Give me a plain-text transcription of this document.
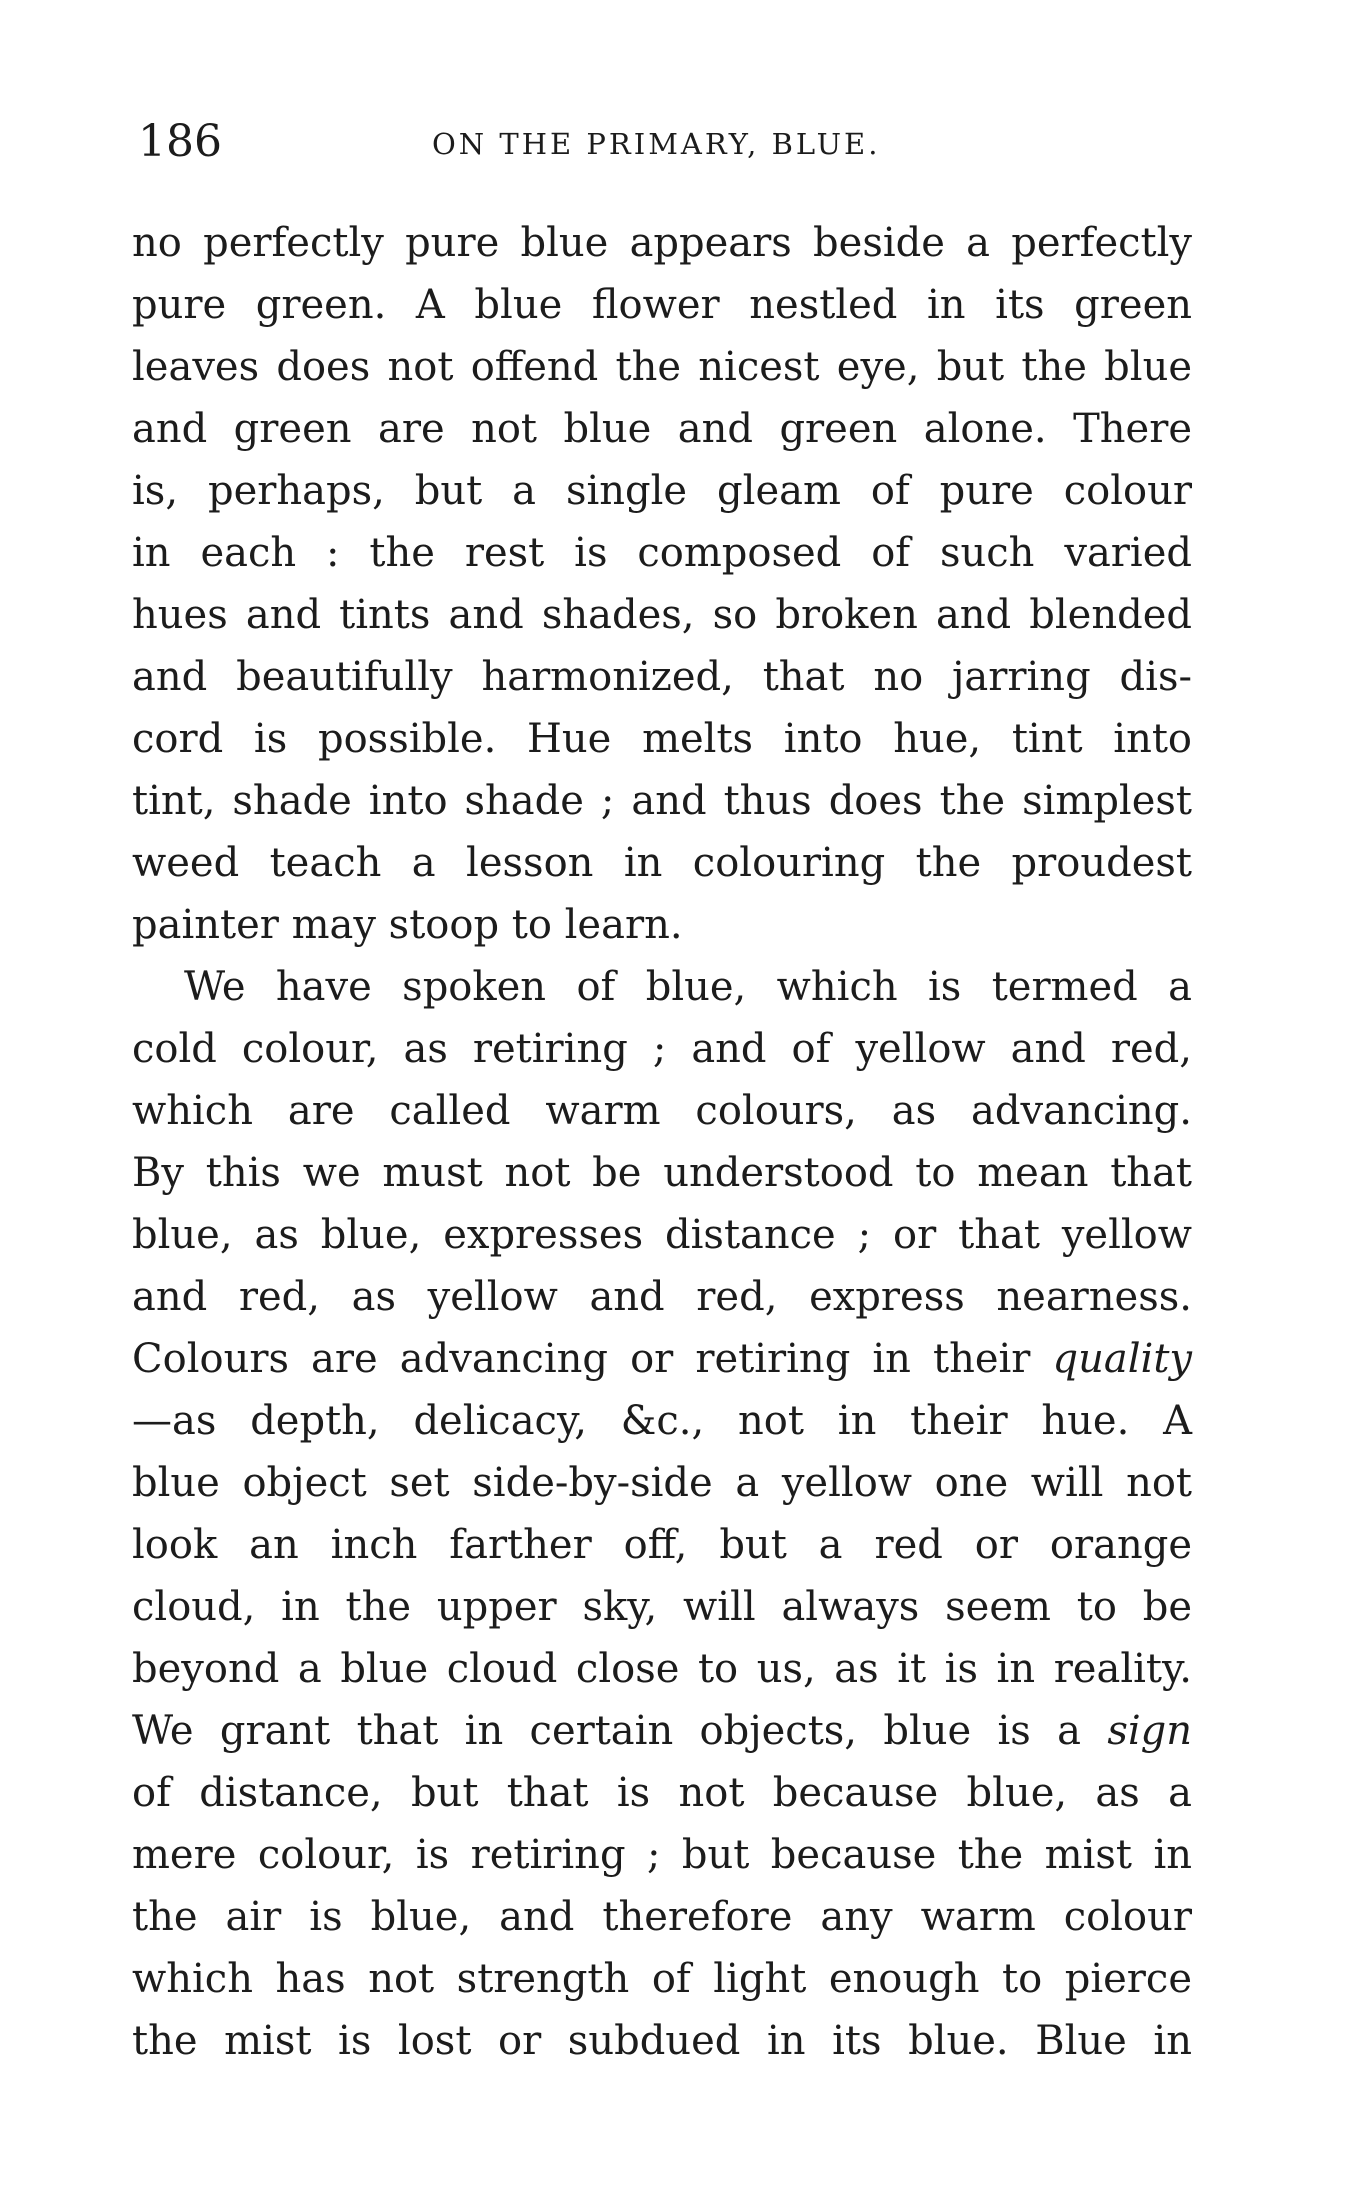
186	ON THE PRIMARY, BLUE.
no perfectly pure blue appears beside a perfectly
pure green. A blue flower nestled in its green
leaves does not offend the nicest eye, but the blue
and green are not blue and green alone. There
is, perhaps, but a single gleam of pure colour
in each : the rest is composed of such varied
hues and tints and shades, so broken and blended
and beautifully harmonized, that no jarring dis-
cord is possible. Hue melts into hue, tint into
tint, shade into shade ; and thus does the simplest
weed teach a lesson in colouring the proudest
painter may stoop to learn.
We have spoken of blue, which is termed a
cold colour, as retiring ; and of yellow and red,
which are called warm colours, as advancing.
By this we must not be understood to mean that
blue, as blue, expresses distance ; or that yellow
and red, as yellow and red, express nearness.
Colours are advancing or retiring in their quality
—as depth, delicacy, &c., not in their hue. A
blue object set side-by-side a yellow one will not
look an inch farther off, but a red or orange
cloud, in the upper sky, will always seem to be
beyond a blue cloud close to us, as it is in reality.
We grant that in certain objects, blue is a sign
of distance, but that is not because blue, as a
mere colour, is retiring ; but because the mist in
the air is blue, and therefore any warm colour
which has not strength of light enough to pierce
the mist is lost or subdued in its blue. Blue in
